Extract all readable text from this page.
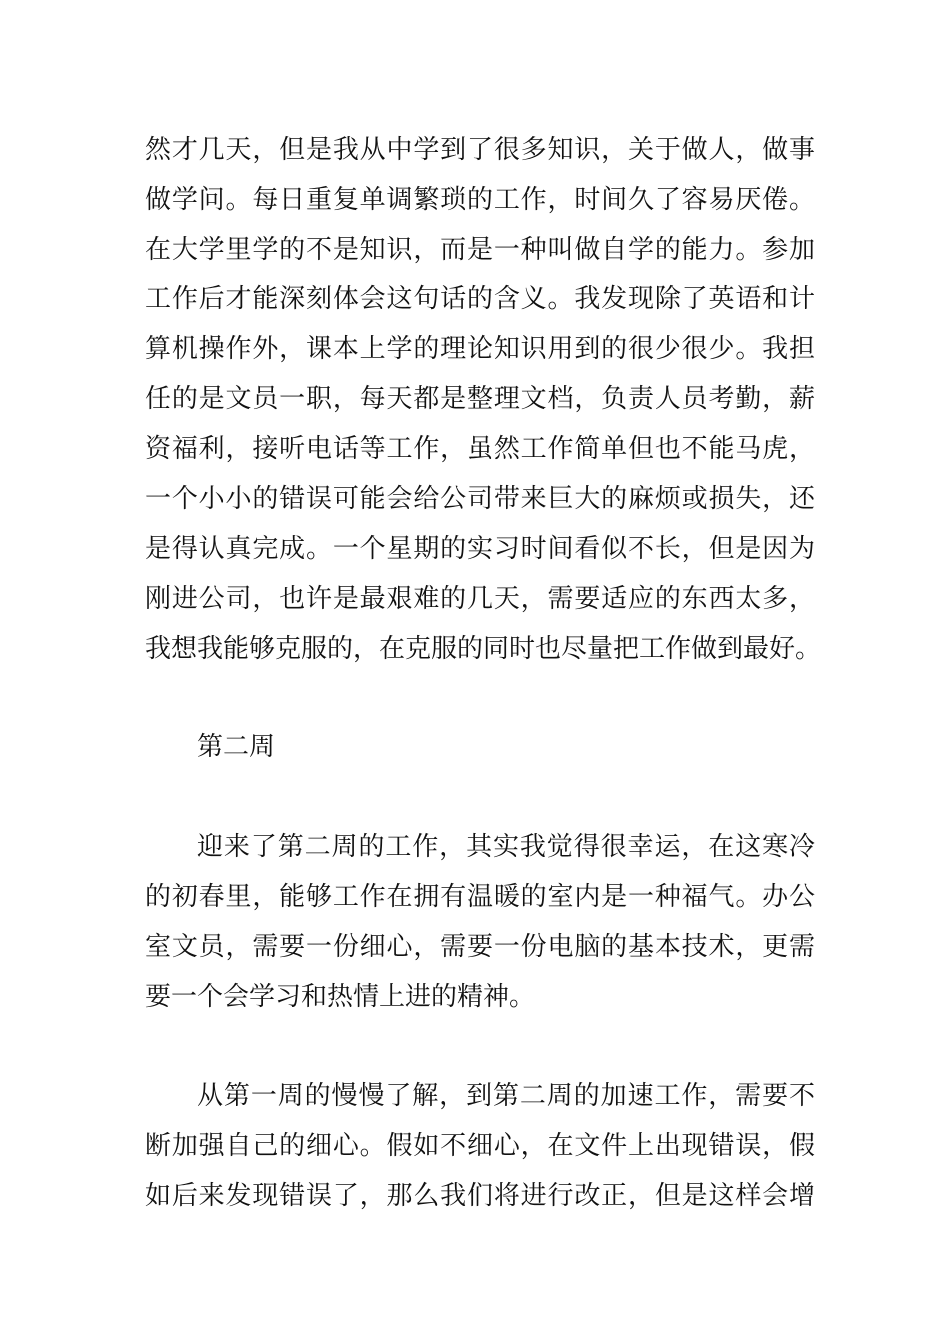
然才几天，但是我从中学到了很多知识，关于做人，做事
做学问。每日重复单调繁琐的工作，时间久了容易厌倦。
在大学里学的不是知识，而是一种叫做自学的能力。参加
工作后才能深刻体会这句话的含义。我发现除了英语和计
算机操作外，课本上学的理论知识用到的很少很少。我担
任的是文员一职，每天都是整理文档，负责人员考勤，薪
资福利，接听电话等工作，虽然工作简单但也不能马虎，
一个小小的错误可能会给公司带来巨大的麻烦或损失，还
是得认真完成。一个星期的实习时间看似不长，但是因为
刚进公司，也许是最艰难的几天，需要适应的东西太多，
我想我能够克服的，在克服的同时也尽量把工作做到最好。
第二周
迎来了第二周的工作，其实我觉得很幸运，在这寒冷
的初春里，能够工作在拥有温暖的室内是一种福气。办公
室文员，需要一份细心，需要一份电脑的基本技术，更需
要一个会学习和热情上进的精神。
从第一周的慢慢了解，到第二周的加速工作，需要不
断加强自己的细心。假如不细心，在文件上出现错误，假
如后来发现错误了，那么我们将进行改正，但是这样会增
